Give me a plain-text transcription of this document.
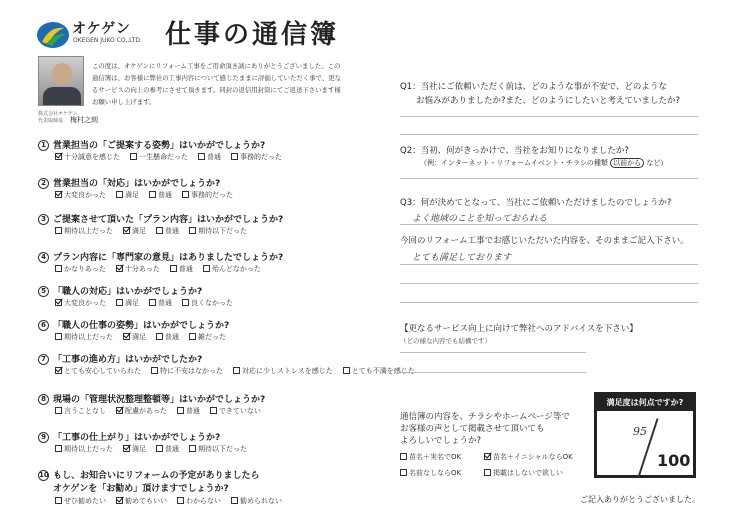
オケゲン
OKEGEN JUKO CO.,LTD. 仕事の通信簿
株式会社オケゲン
代表取締役 梅村之朗
この度は、オケゲンにリフォーム工事をご用命頂き誠にありがとうございました。この通信簿は、お客様に弊社の工事内容について感じたままに評価していただく事で、更なるサービスの向上の参考にさせて頂きます。同封の返信用封筒にてご返送下さいます様お願い申し上げます。
1 営業担当の「ご提案する姿勢」はいかがでしょうか?
十分誠意を感じた	一生懸命だった	普通	事務的だった
2 営業担当の「対応」はいかがでしょうか?
大変良かった	満足	普通	事務的だった
3 ご提案させて頂いた「プラン内容」はいかがでしょうか?
期待以上だった	満足	普通	期待以下だった
4 プラン内容に「専門家の意見」はありましたでしょうか?
かなりあった	十分あった	普通	殆んどなかった
5 「職人の対応」はいかがでしょうか?
大変良かった	満足	普通	良くなかった
6 「職人の仕事の姿勢」はいかがでしょうか?
期待以上だった	満足	普通	雑だった
7 「工事の進め方」はいかがでしたか?
とても安心していられた	特に不安はなかった	対応に少しストレスを感じた	とても不満を感じた
8 現場の「管理状況整理整頓等」はいかがでしょうか?
言うことなし	配慮があった	普通	できていない
9 「工事の仕上がり」はいかがでしょうか?
期待以上だった	満足	普通	期待以下だった
10 もし、お知合いにリフォームの予定がありましたら
オケゲンを「お勧め」頂けますでしょうか?
ぜひ勧めたい	勧めてもいい	わからない	勧められない
Q1：当社にご依頼いただく前は、どのような事が不安で、どのような
お悩みがありましたか?また、どのようにしたいと考えていましたか?
Q2：当初、何がきっかけで、当社をお知りになりましたか?
（例：インターネット・リフォームイベント・チラシの種類 以前から など）
Q3：何が決めてとなって、当社にご依頼いただけましたのでしょうか?
よく地域のことを知っておられる
今回のリフォーム工事でお感じいただいた内容を、そのままご記入下さい。
とても満足しております
【更なるサービス向上に向けて弊社へのアドバイスを下さい】
（どの様な内容でも結構です）
通信簿の内容を、チラシやホームページ等で
お客様の声として掲載させて頂いても
よろしいでしょうか?
苗名＋実名でOK	苗名＋イニシャルならOK
名前なしならOK	掲載はしないで欲しい
ご記入ありがとうございました。
満足度は何点ですか?
95
100
